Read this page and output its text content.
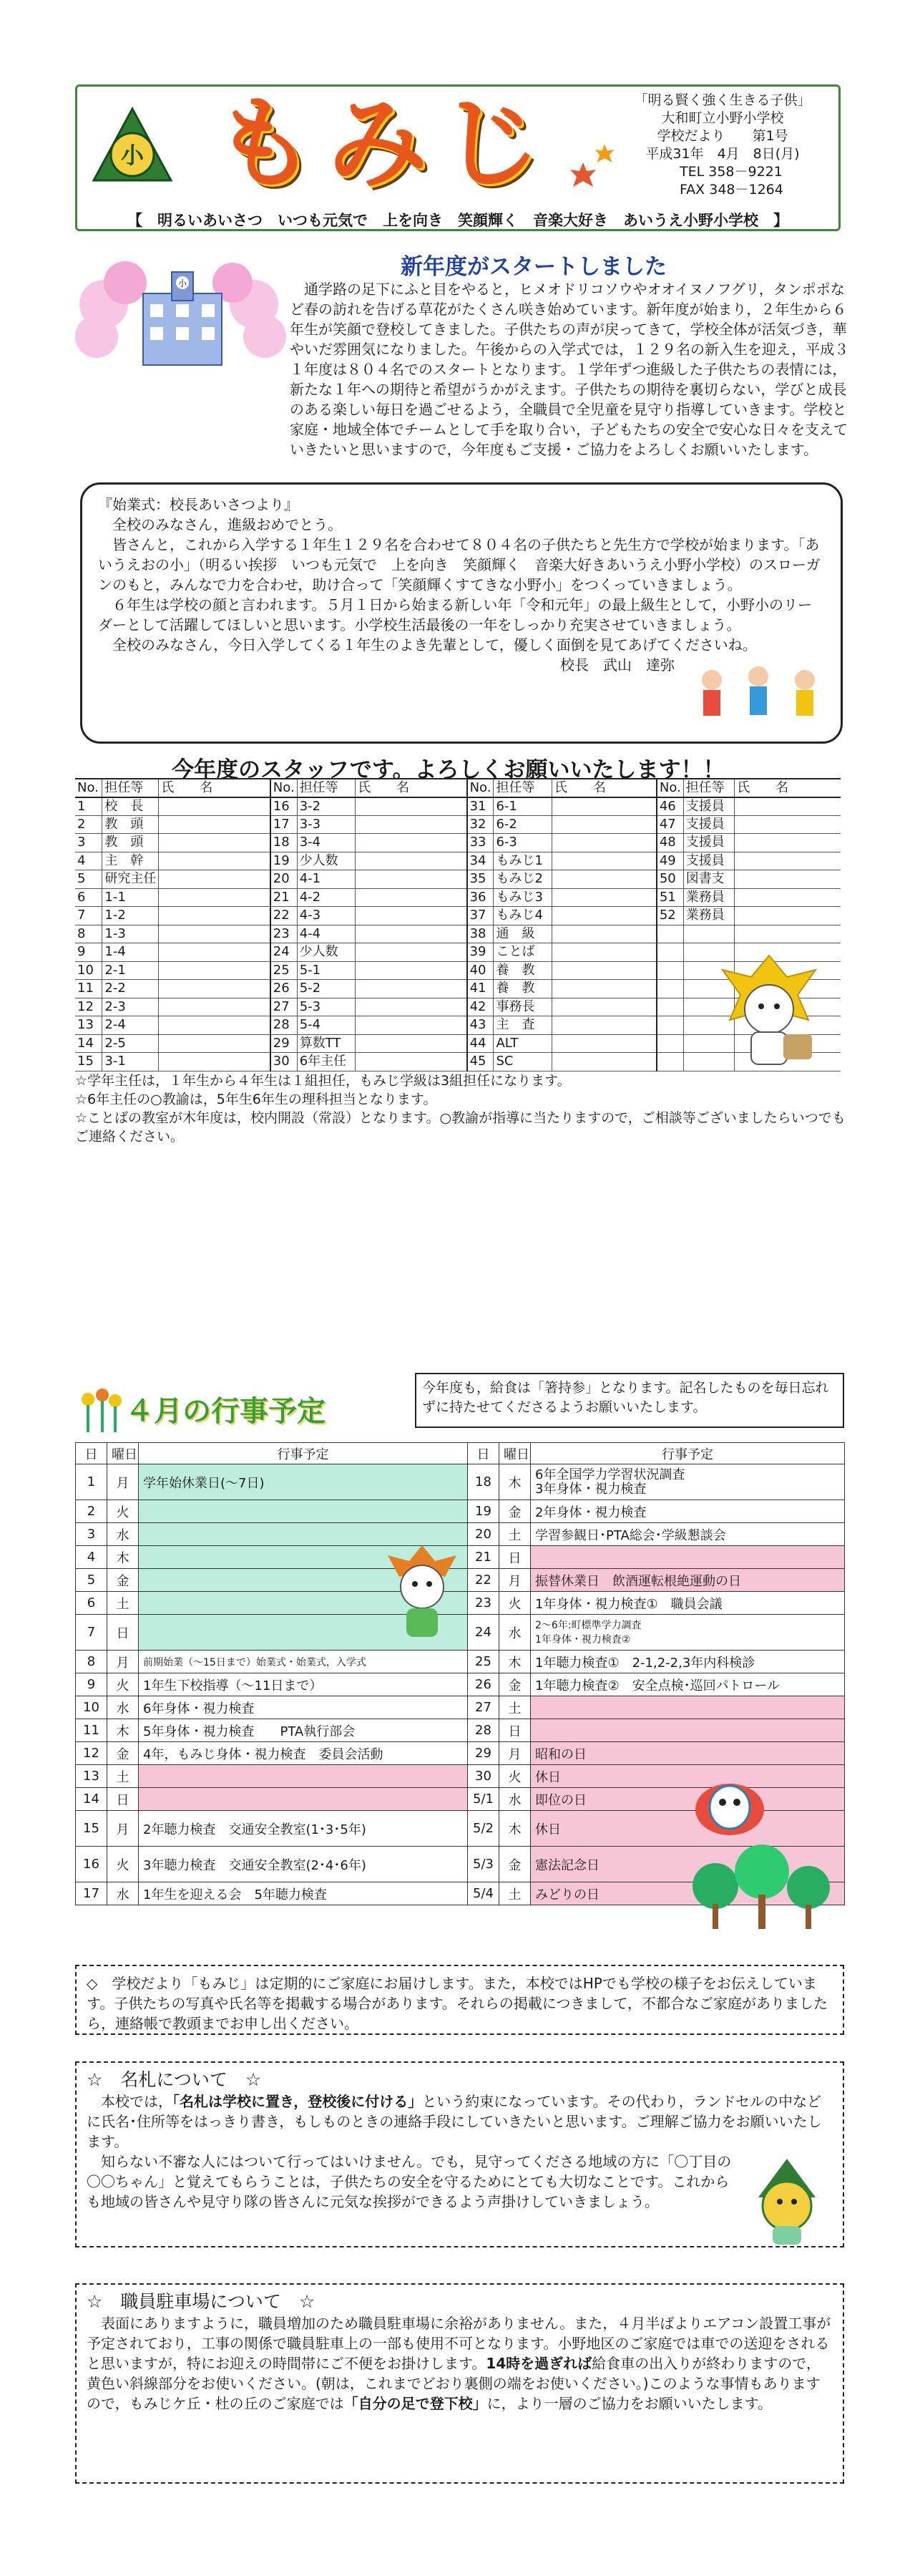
小 もみじ	「明る賢く強く生きる子供」
大和町立小野小学校
学校だより　　第1号
平成31年　4月　8日(月)
TEL 358－9221
FAX 348－1264
【　明るいあいさつ　いつも元気で　上を向き　笑顔輝く　音楽大好き　あいうえ小野小学校　】
新年度がスタートしました
小	通学路の足下にふと目をやると，ヒメオドリコソウやオオイヌノフグリ，タンポポなど春の訪れを告げる草花がたくさん咲き始めています。新年度が始まり，２年生から６年生が笑顔で登校してきました。子供たちの声が戻ってきて，学校全体が活気づき，華やいだ雰囲気になりました。午後からの入学式では，１２９名の新入生を迎え，平成３１年度は８０４名でのスタートとなります。１学年ずつ進級した子供たちの表情には，新たな１年への期待と希望がうかがえます。子供たちの期待を裏切らない，学びと成長のある楽しい毎日を過ごせるよう，全職員で全児童を見守り指導していきます。学校と家庭・地域全体でチームとして手を取り合い，子どもたちの安全で安心な日々を支えていきたいと思いますので，今年度もご支援・ご協力をよろしくお願いいたします。

『始業式：校長あいさつより』
全校のみなさん，進級おめでとう。
皆さんと，これから入学する１年生１２９名を合わせて８０４名の子供たちと先生方で学校が始まります。「あいうえおの小」（明るい挨拶　いつも元気で　上を向き　笑顔輝く　音楽大好きあいうえ小野小学校）のスローガンのもと，みんなで力を合わせ，助け合って「笑顔輝くすてきな小野小」をつくっていきましょう。
６年生は学校の顔と言われます。５月１日から始まる新しい年「令和元年」の最上級生として，小野小のリーダーとして活躍してほしいと思います。小学校生活最後の一年をしっかり充実させていきましょう。
全校のみなさん，今日入学してくる１年生のよき先輩として，優しく面倒を見てあげてくださいね。
校長　武山　達弥
今年度のスタッフです。よろしくお願いいたします！！
No.	担任等	氏　　名	No.	担任等	氏　　名	No.	担任等	氏　　名	No.	担任等	氏　　名
1	校　長		16	3-2		31	6-1		46	支援員	
2	教　頭		17	3-3		32	6-2		47	支援員	
3	教　頭		18	3-4		33	6-3		48	支援員	
4	主　幹		19	少人数		34	もみじ1		49	支援員	
5	研究主任		20	4-1		35	もみじ2		50	図書支	
6	1-1		21	4-2		36	もみじ3		51	業務員	
7	1-2		22	4-3		37	もみじ4		52	業務員	
8	1-3		23	4-4		38	通　級				
9	1-4		24	少人数		39	ことば				
10	2-1		25	5-1		40	養　教				
11	2-2		26	5-2		41	養　教				
12	2-3		27	5-3		42	事務長				
13	2-4		28	5-4		43	主　査				
14	2-5		29	算数TT		44	ALT				
15	3-1		30	6年主任		45	SC				
☆学年主任は，１年生から４年生は１組担任，もみじ学級は3組担任になります。
☆6年主任の○教諭は，5年生6年生の理科担当となります。
☆ことばの教室が木年度は，校内開設（常設）となります。○教諭が指導に当たりますので，ご相談等ございましたらいつでもご連絡ください。
４月の行事予定
今年度も，給食は「箸持参」となります。記名したものを毎日忘れずに持たせてくださるようお願いいたします。
日	曜日	行事予定	日	曜日	行事予定
1	月	学年始休業日(～7日)	18	木	6年全国学力学習状況調査
3年身体・視力検査
2	火		19	金	2年身体・視力検査
3	水		20	土	学習参観日･PTA総会･学級懇談会
4	木		21	日	
5	金		22	月	振替休業日　飲酒運転根絶運動の日
6	土		23	火	1年身体・視力検査①　職員会議
7	日		24	水	2～6年:町標準学力調査
1年身体・視力検査②
8	月	前期始業（～15日まで）始業式・始業式，入学式	25	木	1年聴力検査①　2-1,2-2,3年内科検診
9	火	1年生下校指導（～11日まで）	26	金	1年聴力検査②　安全点検･巡回パトロール
10	水	6年身体・視力検査	27	土	
11	木	5年身体・視力検査　　PTA執行部会	28	日	
12	金	4年，もみじ身体・視力検査　委員会活動	29	月	昭和の日
13	土		30	火	休日
14	日		5/1	水	即位の日
15	月	2年聴力検査　交通安全教室(1･3･5年)	5/2	木	休日
16	火	3年聴力検査　交通安全教室(2･4･6年)	5/3	金	憲法記念日
17	水	1年生を迎える会　5年聴力検査	5/4	土	みどりの日
◇　学校だより「もみじ」は定期的にご家庭にお届けします。また，本校ではHPでも学校の様子をお伝えしています。子供たちの写真や氏名等を掲載する場合があります。それらの掲載につきまして，不都合なご家庭がありましたら，連絡帳で教頭までお申し出ください。
☆　名札について　☆

本校では，「名札は学校に置き，登校後に付ける」という約束になっています。その代わり，ランドセルの中などに氏名･住所等をはっきり書き，もしものときの連絡手段にしていきたいと思います。ご理解ご協力をお願いいたします。

知らない不審な人にはついて行ってはいけません。でも，見守ってくださる地域の方に「〇丁目の〇〇ちゃん」と覚えてもらうことは，子供たちの安全を守るためにとても大切なことです。これからも地域の皆さんや見守り隊の皆さんに元気な挨拶ができるよう声掛けしていきましょう。

☆　職員駐車場について　☆

表面にありますように，職員増加のため職員駐車場に余裕がありません。また，４月半ばよりエアコン設置工事が予定されており，工事の関係で職員駐車上の一部も使用不可となります。小野地区のご家庭では車での送迎をされると思いますが，特にお迎えの時間帯にご不便をお掛けします。14時を過ぎれば給食車の出入りが終わりますので，黄色い斜線部分をお使いください。(朝は，これまでどおり裏側の端をお使いください。)このような事情もありますので，もみじケ丘・杜の丘のご家庭では「自分の足で登下校」に，より一層のご協力をお願いいたします。
